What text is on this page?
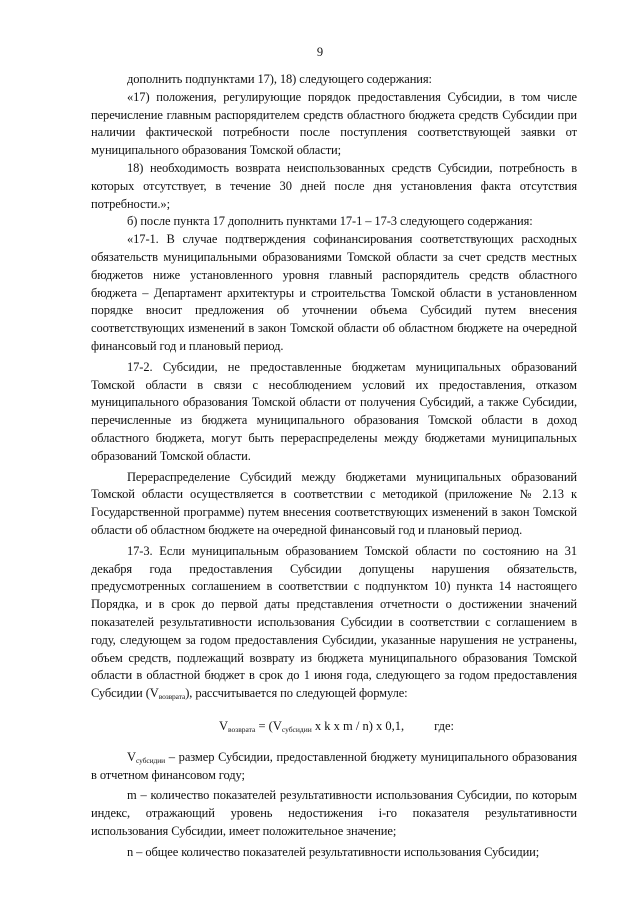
9

дополнить подпунктами 17), 18) следующего содержания:

«17) положения, регулирующие порядок предоставления Субсидии, в том числе перечисление главным распорядителем средств областного бюджета средств Субсидии при наличии фактической потребности после поступления соответствующей заявки от муниципального образования Томской области;

18) необходимость возврата неиспользованных средств Субсидии, потребность в которых отсутствует, в течение 30 дней после дня установления факта отсутствия потребности.»;

б) после пункта 17 дополнить пунктами 17-1 – 17-3 следующего содержания:

«17-1. В случае подтверждения софинансирования соответствующих расходных обязательств муниципальными образованиями Томской области за счет средств местных бюджетов ниже установленного уровня главный распорядитель средств областного бюджета – Департамент архитектуры и строительства Томской области в установленном порядке вносит предложения об уточнении объема Субсидий путем внесения соответствующих изменений в закон Томской области об областном бюджете на очередной финансовый год и плановый период.

17-2. Субсидии, не предоставленные бюджетам муниципальных образований Томской области в связи с несоблюдением условий их предоставления, отказом муниципального образования Томской области от получения Субсидий, а также Субсидии, перечисленные из бюджета муниципального образования Томской области в доход областного бюджета, могут быть перераспределены между бюджетами муниципальных образований Томской области.

Перераспределение Субсидий между бюджетами муниципальных образований Томской области осуществляется в соответствии с методикой (приложение № 2.13 к Государственной программе) путем внесения соответствующих изменений в закон Томской области об областном бюджете на очередной финансовый год и плановый период.

17-3. Если муниципальным образованием Томской области по состоянию на 31 декабря года предоставления Субсидии допущены нарушения обязательств, предусмотренных соглашением в соответствии с подпунктом 10) пункта 14 настоящего Порядка, и в срок до первой даты представления отчетности о достижении значений показателей результативности использования Субсидии в соответствии с соглашением в году, следующем за годом предоставления Субсидии, указанные нарушения не устранены, объем средств, подлежащий возврату из бюджета муниципального образования Томской области в областной бюджет в срок до 1 июня года, следующего за годом предоставления Субсидии $(V_{возврата})$, рассчитывается по следующей формуле:

$V_{возврата} = (V_{субсидии}$ x k x m / n) x 0,1, где:

$V_{субсидии}$ – размер Субсидии, предоставленной бюджету муниципального образования в отчетном финансовом году;

m – количество показателей результативности использования Субсидии, по которым индекс, отражающий уровень недостижения i-го показателя результативности использования Субсидии, имеет положительное значение;

n – общее количество показателей результативности использования Субсидии;
